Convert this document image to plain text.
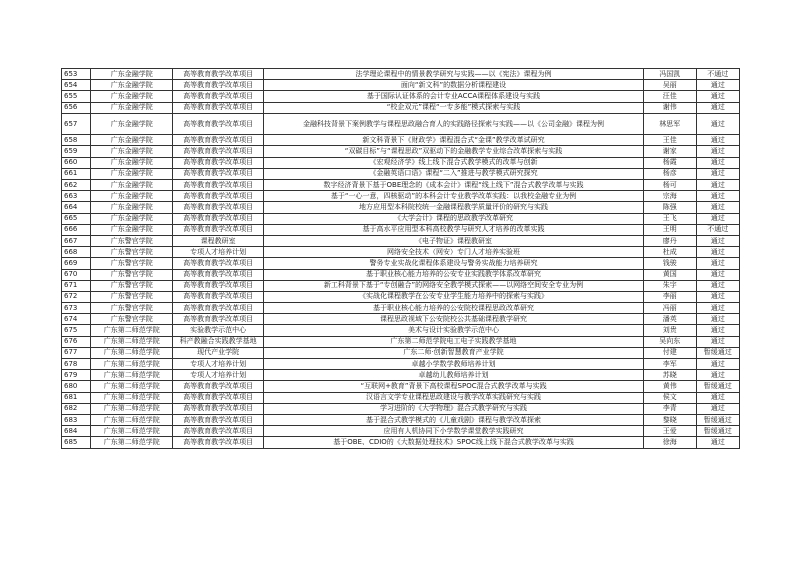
653	广东金融学院	高等教育教学改革项目	法学理论课程中的情景教学研究与实践——以《宪法》课程为例	冯国凯	不通过
654	广东金融学院	高等教育教学改革项目	面向“新文科”的数据分析课程建设	吴丽	通过
655	广东金融学院	高等教育教学改革项目	基于国际认证体系的会计专业ACCA课程体系建设与实践	汪佳	通过
656	广东金融学院	高等教育教学改革项目	“校企双元”课程“一专多能”模式探索与实践	谢伟	通过
657	广东金融学院	高等教育教学改革项目	金融科技背景下案例教学与课程思政融合育人的实践路径探索与实践——以《公司金融》课程为例	林思军	通过
658	广东金融学院	高等教育教学改革项目	新文科背景下《财政学》课程混合式“金课”教学改革试研究	王佳	通过
659	广东金融学院	高等教育教学改革项目	“双碳目标”与“课程思政”双驱动下的金融教学专业综合改革探索与实践	谢家	通过
660	广东金融学院	高等教育教学改革项目	《宏观经济学》线上线下混合式教学模式的改革与创新	杨霞	通过
661	广东金融学院	高等教育教学改革项目	《金融英语口语》课程“二入”推进与教学模式研究探究	杨彦	通过
662	广东金融学院	高等教育教学改革项目	数字经济背景下基于OBE理念的《成本会计》课程“线上线下”混合式教学改革与实践	杨可	通过
663	广东金融学院	高等教育教学改革项目	基于“一心一意，四核驱动”的本科会计专业教学改革实践：以我校金融专业为例	宗海	通过
664	广东金融学院	高等教育教学改革项目	地方应用型本科院校统一金融课程教学质量评价的研究与实践	陈强	通过
665	广东金融学院	高等教育教学改革项目	《大学会计》课程的思政教学改革研究	王飞	通过
666	广东金融学院	高等教育教学改革项目	基于高水平应用型本科高校教学与研究人才培养的改革实践	王明	不通过
667	广东警官学院	课程教研室	《电子物证》课程教研室	廖丹	通过
668	广东警官学院	专项人才培养计划	网络安全技术（网安）专门人才培养实验班	杜成	通过
669	广东警官学院	高等教育教学改革项目	警务专业实战化课程体系建设与警务实战能力培养研究	钱骏	通过
670	广东警官学院	高等教育教学改革项目	基于职业核心能力培养的公安专业实践教学体系改革研究	黄国	通过
671	广东警官学院	高等教育教学改革项目	新工科背景下基于“专创融合”的网络安全教学模式探索——以网络空间安全专业为例	朱宇	通过
672	广东警官学院	高等教育教学改革项目	《实战化课程教学在公安专业学生能力培养中的探索与实践》	李丽	通过
673	广东警官学院	高等教育教学改革项目	基于职业核心能力培养的公安院校课程思政改革研究	冯丽	通过
674	广东警官学院	高等教育教学改革项目	课程思政视域下公安院校公共基础课程教学研究	潘英	通过
675	广东第二师范学院	实验教学示范中心	美术与设计实验教学示范中心	刘贵	通过
676	广东第二师范学院	科产教融合实践教学基地	广东第二师范学院电工电子实践教学基地	吴向东	通过
677	广东第二师范学院	现代产业学院	广东二师·创新智慧教育产业学院	付建	暂缓通过
678	广东第二师范学院	专项人才培养计划	卓越小学数学教师培养计划	李军	通过
679	广东第二师范学院	专项人才培养计划	卓越幼儿教师培养计划	苏晓	通过
680	广东第二师范学院	高等教育教学改革项目	“互联网+教育”背景下高校课程SPOC混合式教学改革与实践	黄伟	暂缓通过
681	广东第二师范学院	高等教育教学改革项目	汉语言文学专业课程思政建设与教学改革实践研究与实践	侯文	通过
682	广东第二师范学院	高等教育教学改革项目	学习进阶的《大学物理》混合式教学研究与实践	李青	通过
683	广东第二师范学院	高等教育教学改革项目	基于混合式教学模式的《儿童戏剧》课程与教学改革探索	黎晓	暂缓通过
684	广东第二师范学院	高等教育教学改革项目	应用有人机协同下小学数学课堂教学实践研究	王爱	暂缓通过
685	广东第二师范学院	高等教育教学改革项目	基于OBE、CDIO的《大数据处理技术》SPOC线上线下混合式教学改革与实践	徐海	通过
